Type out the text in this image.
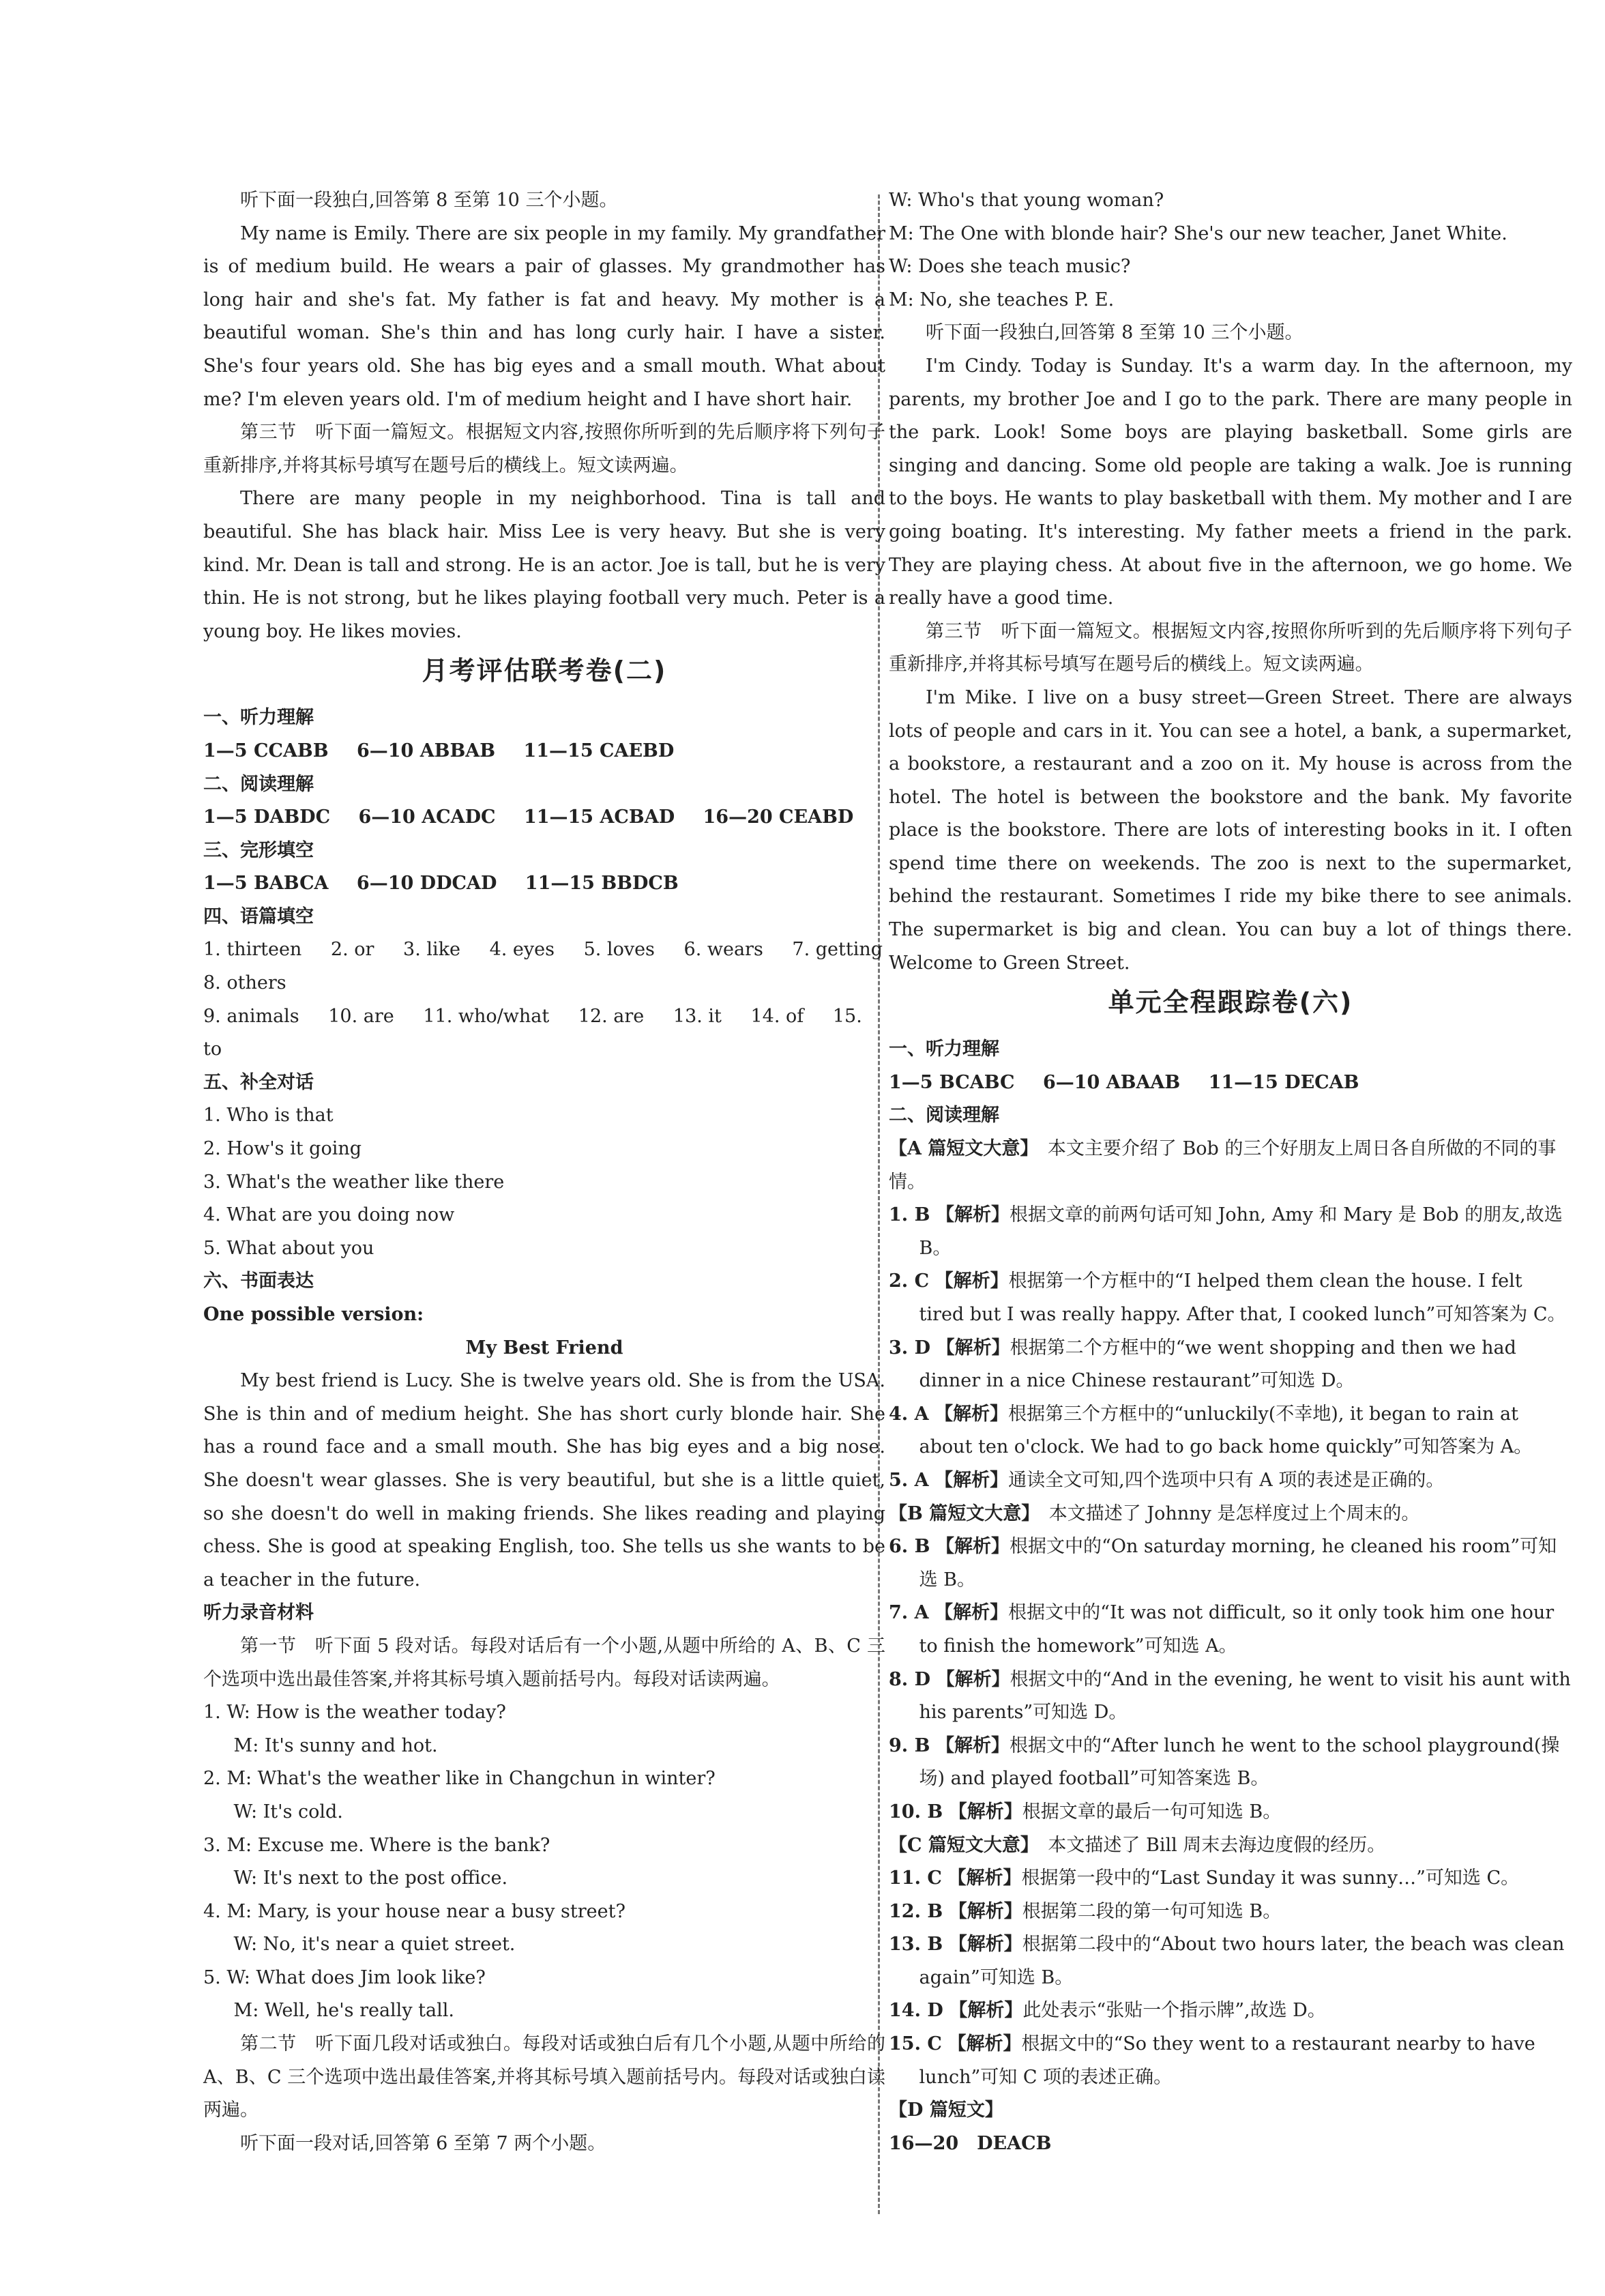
听下面一段独白,回答第 8 至第 10 三个小题。

My name is Emily. There are six people in my family. My grandfather is of medium build. He wears a pair of glasses. My grandmother has long hair and she's fat. My father is fat and heavy. My mother is a beautiful woman. She's thin and has long curly hair. I have a sister. She's four years old. She has big eyes and a small mouth. What about me? I'm eleven years old. I'm of medium height and I have short hair.

第三节　听下面一篇短文。根据短文内容,按照你所听到的先后顺序将下列句子重新排序,并将其标号填写在题号后的横线上。短文读两遍。

There are many people in my neighborhood. Tina is tall and beautiful. She has black hair. Miss Lee is very heavy. But she is very kind. Mr. Dean is tall and strong. He is an actor. Joe is tall, but he is very thin. He is not strong, but he likes playing football very much. Peter is a young boy. He likes movies.

月考评估联考卷(二)
一、听力理解
1—5 CCABB 6—10 ABBAB 11—15 CAEBD
二、阅读理解
1—5 DABDC 6—10 ACADC 11—15 ACBAD 16—20 CEABD
三、完形填空
1—5 BABCA 6—10 DDCAD 11—15 BBDCB
四、语篇填空
1. thirteen 2. or 3. like 4. eyes 5. loves 6. wears 7. getting
8. others
9. animals 10. are 11. who/what 12. are 13. it 14. of 15. to
五、补全对话
1. Who is that
2. How's it going
3. What's the weather like there
4. What are you doing now
5. What about you
六、书面表达
One possible version:
My Best Friend

My best friend is Lucy. She is twelve years old. She is from the USA. She is thin and of medium height. She has short curly blonde hair. She has a round face and a small mouth. She has big eyes and a big nose. She doesn't wear glasses. She is very beautiful, but she is a little quiet, so she doesn't do well in making friends. She likes reading and playing chess. She is good at speaking English, too. She tells us she wants to be a teacher in the future.

听力录音材料

第一节　听下面 5 段对话。每段对话后有一个小题,从题中所给的 A、B、C 三个选项中选出最佳答案,并将其标号填入题前括号内。每段对话读两遍。

1. W: How is the weather today?
M: It's sunny and hot.
2. M: What's the weather like in Changchun in winter?
W: It's cold.
3. M: Excuse me. Where is the bank?
W: It's next to the post office.
4. M: Mary, is your house near a busy street?
W: No, it's near a quiet street.
5. W: What does Jim look like?
M: Well, he's really tall.

第二节　听下面几段对话或独白。每段对话或独白后有几个小题,从题中所给的 A、B、C 三个选项中选出最佳答案,并将其标号填入题前括号内。每段对话或独白读两遍。

听下面一段对话,回答第 6 至第 7 两个小题。

W: Who's that young woman?
M: The One with blonde hair? She's our new teacher, Janet White.
W: Does she teach music?
M: No, she teaches P. E.

听下面一段独白,回答第 8 至第 10 三个小题。

I'm Cindy. Today is Sunday. It's a warm day. In the afternoon, my parents, my brother Joe and I go to the park. There are many people in the park. Look! Some boys are playing basketball. Some girls are singing and dancing. Some old people are taking a walk. Joe is running to the boys. He wants to play basketball with them. My mother and I are going boating. It's interesting. My father meets a friend in the park. They are playing chess. At about five in the afternoon, we go home. We really have a good time.

第三节　听下面一篇短文。根据短文内容,按照你所听到的先后顺序将下列句子重新排序,并将其标号填写在题号后的横线上。短文读两遍。

I'm Mike. I live on a busy street—Green Street. There are always lots of people and cars in it. You can see a hotel, a bank, a supermarket, a bookstore, a restaurant and a zoo on it. My house is across from the hotel. The hotel is between the bookstore and the bank. My favorite place is the bookstore. There are lots of interesting books in it. I often spend time there on weekends. The zoo is next to the supermarket, behind the restaurant. Sometimes I ride my bike there to see animals. The supermarket is big and clean. You can buy a lot of things there. Welcome to Green Street.

单元全程跟踪卷(六)
一、听力理解
1—5 BCABC 6—10 ABAAB 11—15 DECAB
二、阅读理解
【A 篇短文大意】　 本文主要介绍了 Bob 的三个好朋友上周日各自所做的不同的事情。
1. B 【解析】根据文章的前两句话可知 John, Amy 和 Mary 是 Bob 的朋友,故选 B。
2. C 【解析】根据第一个方框中的“I helped them clean the house. I felt tired but I was really happy. After that, I cooked lunch”可知答案为 C。
3. D 【解析】根据第二个方框中的“we went shopping and then we had dinner in a nice Chinese restaurant”可知选 D。
4. A 【解析】根据第三个方框中的“unluckily(不幸地), it began to rain at about ten o'clock. We had to go back home quickly”可知答案为 A。
5. A 【解析】通读全文可知,四个选项中只有 A 项的表述是正确的。
【B 篇短文大意】　 本文描述了 Johnny 是怎样度过上个周末的。
6. B 【解析】根据文中的“On saturday morning, he cleaned his room”可知选 B。
7. A 【解析】根据文中的“It was not difficult, so it only took him one hour to finish the homework”可知选 A。
8. D 【解析】根据文中的“And in the evening, he went to visit his aunt with his parents”可知选 D。
9. B 【解析】根据文中的“After lunch he went to the school playground(操场) and played football”可知答案选 B。
10. B 【解析】根据文章的最后一句可知选 B。
【C 篇短文大意】　 本文描述了 Bill 周末去海边度假的经历。
11. C 【解析】根据第一段中的“Last Sunday it was sunny…”可知选 C。
12. B 【解析】根据第二段的第一句可知选 B。
13. B 【解析】根据第二段中的“About two hours later, the beach was clean again”可知选 B。
14. D 【解析】此处表示“张贴一个指示牌”,故选 D。
15. C 【解析】根据文中的“So they went to a restaurant nearby to have lunch”可知 C 项的表述正确。
【D 篇短文】
16—20　DEACB
